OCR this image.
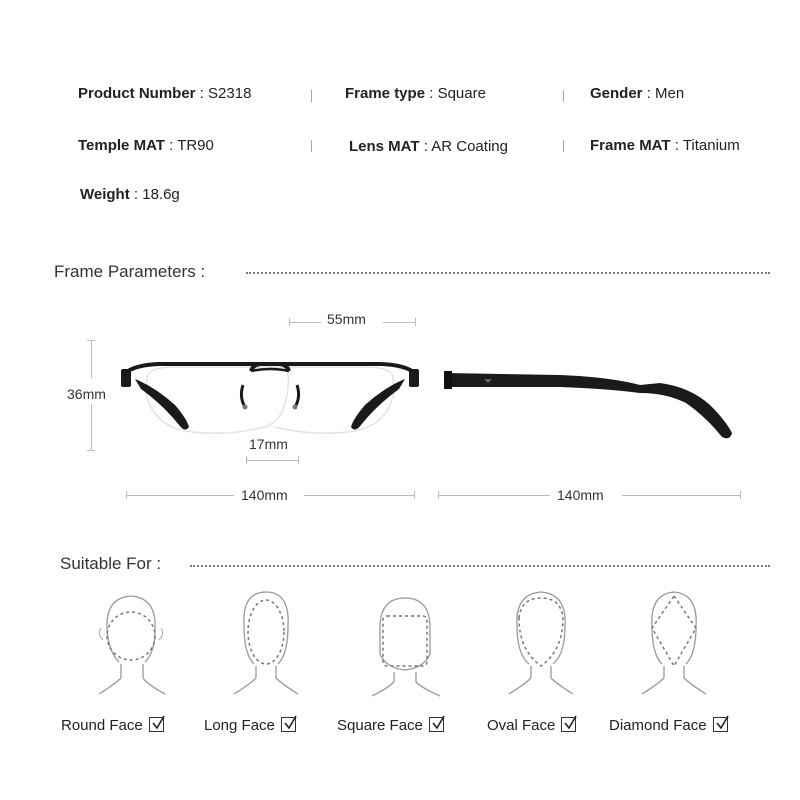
Product Number : S2318	Frame type : Square	Gender : Men
Temple MAT : TR90	Lens MAT : AR Coating	Frame MAT : Titanium
Weight : 18.6g
Frame Parameters :
55mm
36mm
17mm
140mm	140mm
Suitable For :
Round Face	Long Face	Square Face	Oval Face	Diamond Face
